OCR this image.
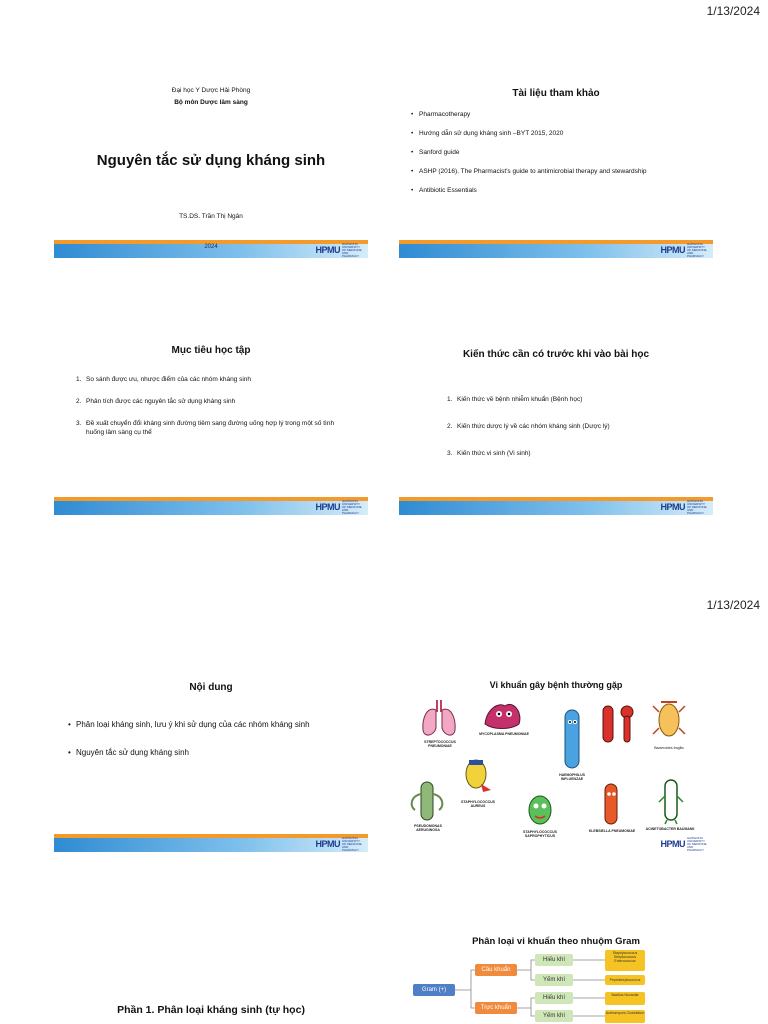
1/13/2024
1/13/2024
Đại học Y Dược Hải Phòng
Bộ môn Dược lâm sàng
Nguyên tắc sử dụng kháng sinh
TS.DS. Trần Thị Ngân
2024	HPMU
HAIPHONG UNIVERSITY OF MEDICINE AND PHARMACY
Tài liệu tham khảo
• Pharmacotherapy
• Hướng dẫn sử dụng kháng sinh –BYT 2015, 2020
• Sanford guide
• ASHP (2016). The Pharmacist's guide to antimicrobial therapy and stewardship
• Antibiotic Essentials
HPMU
HAIPHONG UNIVERSITY OF MEDICINE AND PHARMACY
Mục tiêu học tập
1. So sánh được ưu, nhược điểm của các nhóm kháng sinh
2. Phân tích được các nguyên tắc sử dụng kháng sinh
3. Đề xuất chuyển đổi kháng sinh đường tiêm sang đường uống hợp lý trong một số tình huống lâm sàng cụ thể
HPMU
HAIPHONG UNIVERSITY OF MEDICINE AND PHARMACY
Kiến thức cần có trước khi vào bài học
1. Kiến thức về bệnh nhiễm khuẩn (Bệnh học)
2. Kiến thức dược lý về các nhóm kháng sinh (Dược lý)
3. Kiến thức vi sinh (Vi sinh)
HPMU
HAIPHONG UNIVERSITY OF MEDICINE AND PHARMACY
Nội dung
• Phân loại kháng sinh, lưu ý khi sử dụng của các nhóm kháng sinh
• Nguyên tắc sử dụng kháng sinh
HPMU
HAIPHONG UNIVERSITY OF MEDICINE AND PHARMACY
Vi khuẩn gây bệnh thường gặp
STREPTOCOCCUS PNEUMONIAE
MYCOPLASMA PNEUMONIAE
HAEMOPHILUS INFLUENZAE

Bacteroides fragilis
STAPHYLOCOCCUS AUREUS
PSEUDOMONAS AERUGINOSA	STAPHYLOCOCCUS SAPROPHYTICUS
KLEBSIELLA PNEUMONIAE	ACINETOBACTER BAUMANII
HPMU
HAIPHONG UNIVERSITY OF MEDICINE AND PHARMACY
Phần 1. Phân loại kháng sinh (tự học)
Phân loại vi khuẩn theo nhuộm Gram
Gram (+)
Cầu khuẩn
Trực khuẩn
Hiếu khí
Yếm khí
Hiếu khí
Yếm khí
Staphylococcus Streptococcus Enterococcus
Peptostreptococcus
Bacillus Nocardia
Actinomyces Clostridium
